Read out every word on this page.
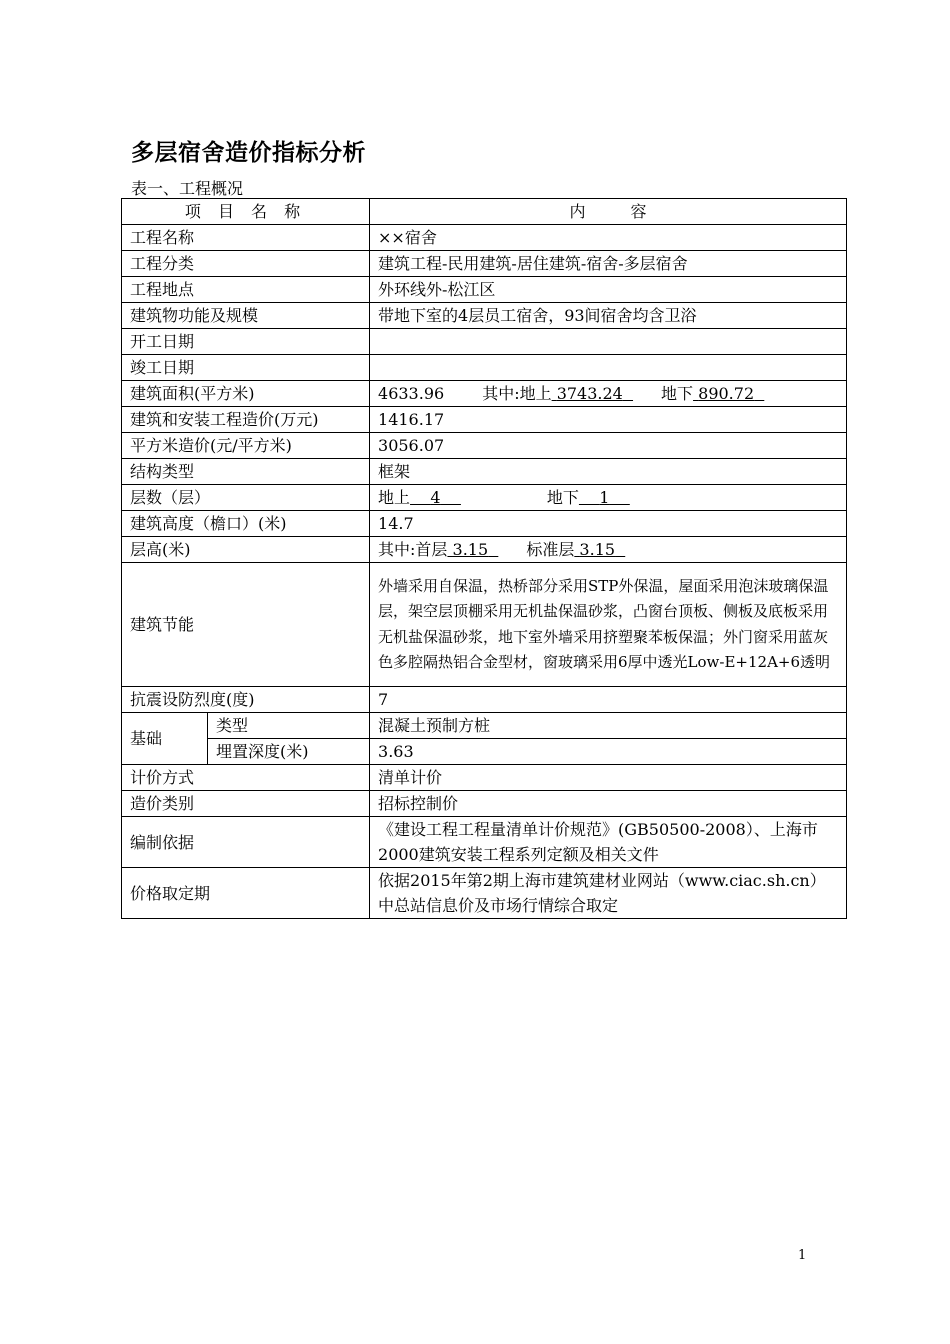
多层宿舍造价指标分析
表一、工程概况
项 目 名 称		内 容
工程名称		××宿舍
工程分类		建筑工程-民用建筑-居住建筑-宿舍-多层宿舍
工程地点		外环线外-松江区
建筑物功能及规模		带地下室的4层员工宿舍，93间宿舍均含卫浴
开工日期		
竣工日期		
建筑面积(平方米)		4633.96 其中:地上 3743.24 地下 890.72
建筑和安装工程造价(万元)		1416.17
平方米造价(元/平方米)		3056.07
结构类型		框架
层数（层）		地上 4 地下 1
建筑高度（檐口）(米)		14.7
层高(米)		其中:首层 3.15 标准层 3.15
建筑节能		外墙采用自保温，热桥部分采用STP外保温，屋面采用泡沫玻璃保温层，架空层顶棚采用无机盐保温砂浆，凸窗台顶板、侧板及底板采用无机盐保温砂浆，地下室外墙采用挤塑聚苯板保温；外门窗采用蓝灰色多腔隔热铝合金型材，窗玻璃采用6厚中透光Low-E+12A+6透明
抗震设防烈度(度)		7
基础	类型	混凝土预制方桩
	埋置深度(米)	3.63
计价方式		清单计价
造价类别		招标控制价
编制依据		《建设工程工程量清单计价规范》(GB50500-2008）、上海市2000建筑安装工程系列定额及相关文件
价格取定期		依据2015年第2期上海市建筑建材业网站（www.ciac.sh.cn）中总站信息价及市场行情综合取定
1
